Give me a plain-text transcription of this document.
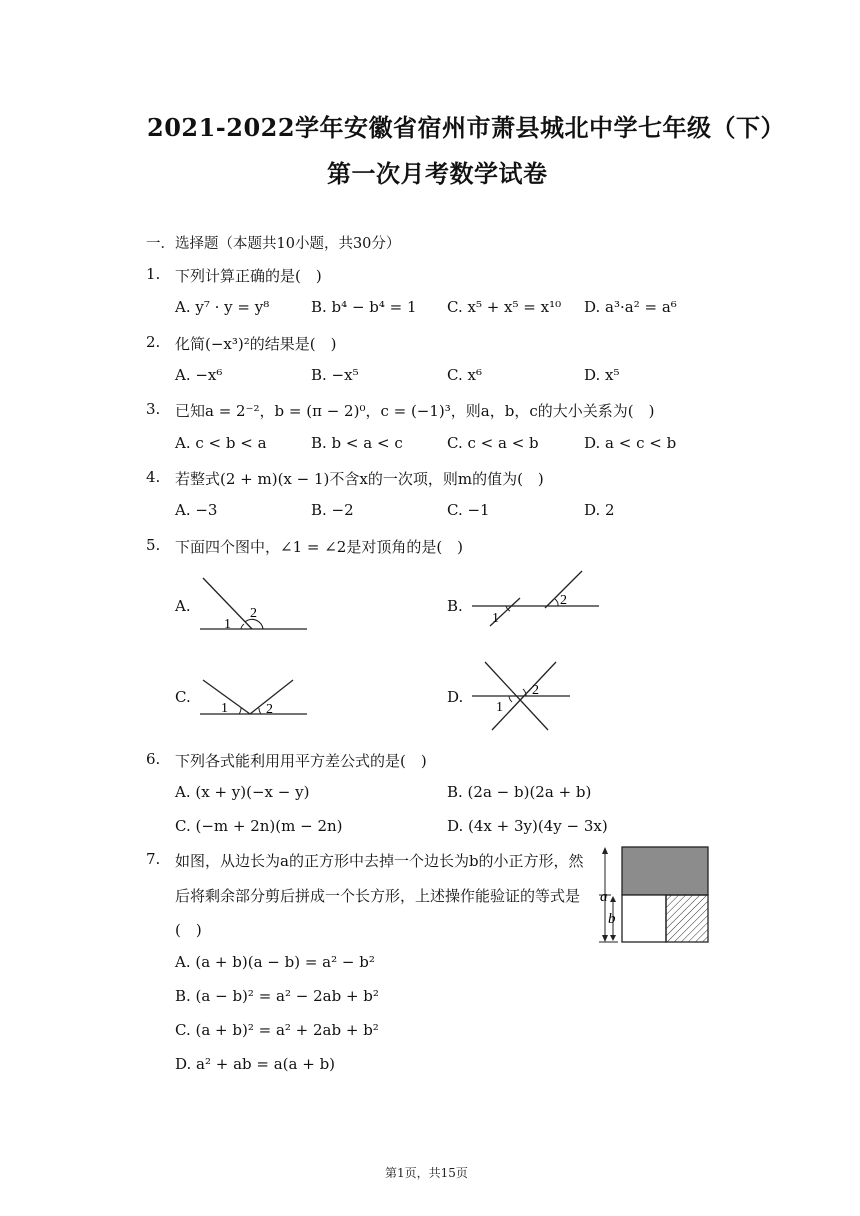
2021-2022学年安徽省宿州市萧县城北中学七年级（下）
第一次月考数学试卷
一．选择题（本题共10小题，共30分）
1. 下列计算正确的是(　)
A. y⁷ · y = y⁸	B. b⁴ − b⁴ = 1 C. x⁵ + x⁵ = x¹⁰ D. a³·a² = a⁶
2. 化简(−x³)²的结果是(　)
A. −x⁶	B. −x⁵	C. x⁶	D. x⁵
3. 已知a = 2⁻²，b = (π − 2)⁰，c = (−1)³，则a，b，c的大小关系为(　)
A. c < b < a	B. b < a < c	C. c < a < b	D. a < c < b
4. 若整式(2 + m)(x − 1)不含x的一次项，则m的值为(　)
A. −3	B. −2	C. −1	D. 2
5. 下面四个图中，∠1 = ∠2是对顶角的是(　)
A.
1
2	B.
1
2
C.
1	2
D.
1
2
6. 下列各式能利用用平方差公式的是(　)
A. (x + y)(−x − y)	B. (2a − b)(2a + b)
C. (−m + 2n)(m − 2n)	D. (4x + 3y)(4y − 3x)
7. 如图，从边长为a的正方形中去掉一个边长为b的小正方形，然
后将剩余部分剪后拼成一个长方形，上述操作能验证的等式是
(　)
a
b
A. (a + b)(a − b) = a² − b²
B. (a − b)² = a² − 2ab + b²
C. (a + b)² = a² + 2ab + b²
D. a² + ab = a(a + b)
第1页，共15页
